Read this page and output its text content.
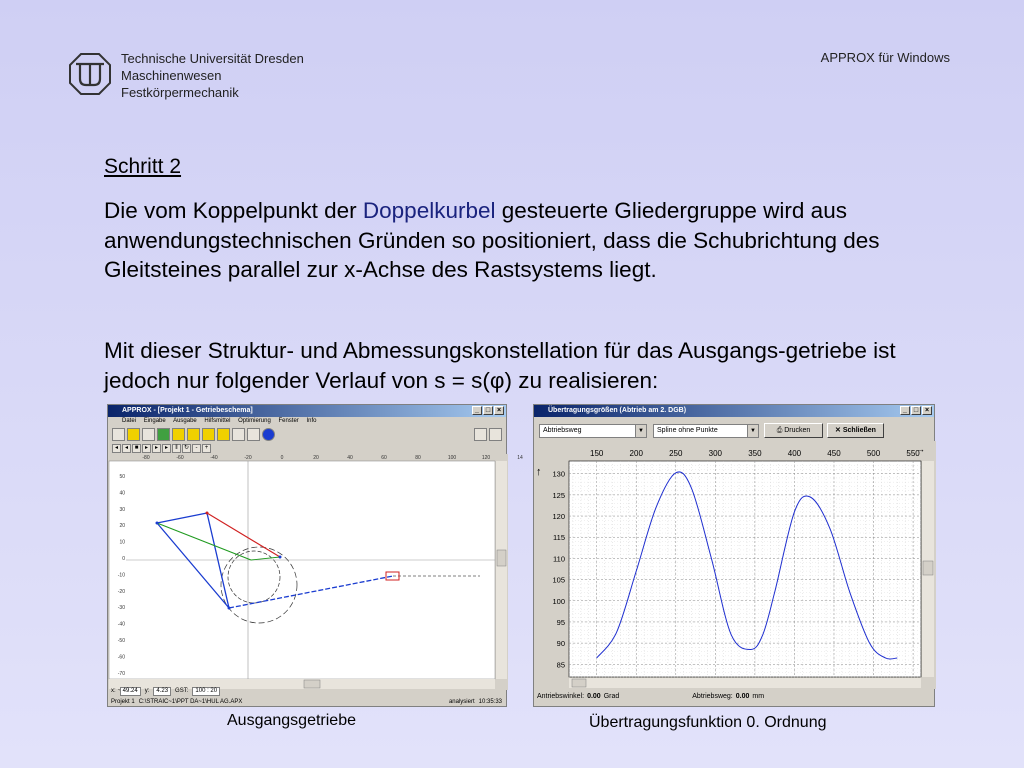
Technische Universität Dresden
Maschinenwesen
Festkörpermechanik
APPROX für Windows
Schritt 2
Die vom Koppelpunkt der Doppelkurbel gesteuerte Gliedergruppe wird aus anwendungstechnischen Gründen so positioniert, dass die Schubrichtung des Gleitsteines parallel zur x-Achse des Rastsystems liegt.
Mit dieser Struktur- und Abmessungskonstellation für das Ausgangs-getriebe ist jedoch nur folgender Verlauf von s = s(φ) zu realisieren:
APPROX - [Projekt 1 - Getriebeschema]	_ □ ×
Datei Eingabe Ausgabe Hilfsmittel Optimierung Fenster Info
◂	◂	■	▸	▸	▸	‖	↻	-	+
-80	-60	-40	-20	0	20	40	60	80	100	120	14
50
40
30
20
10
0
-10
-20
-30
-40
-50
-60
-70
x:	49.24	y:	4.23	GST:	100 : 20
Projekt 1 C:\STRAIC~1\PPT DA~1\HUL AG.APX	analysiert 10:35:33
Übertragungsgrößen (Abtrieb am 2. DGB)	_ □ ×
Abtriebsweg	▼	Spline ohne Punkte	▼	⎙ Drucken	✕ Schließen
→
↑
150	200	250	300	350	400	450	500	550
85
90
95
100
105
110
115
120
125
130
Antriebswinkel: 0.00 Grad	Abtriebsweg: 0.00 mm
Ausgangsgetriebe	Übertragungsfunktion 0. Ordnung
